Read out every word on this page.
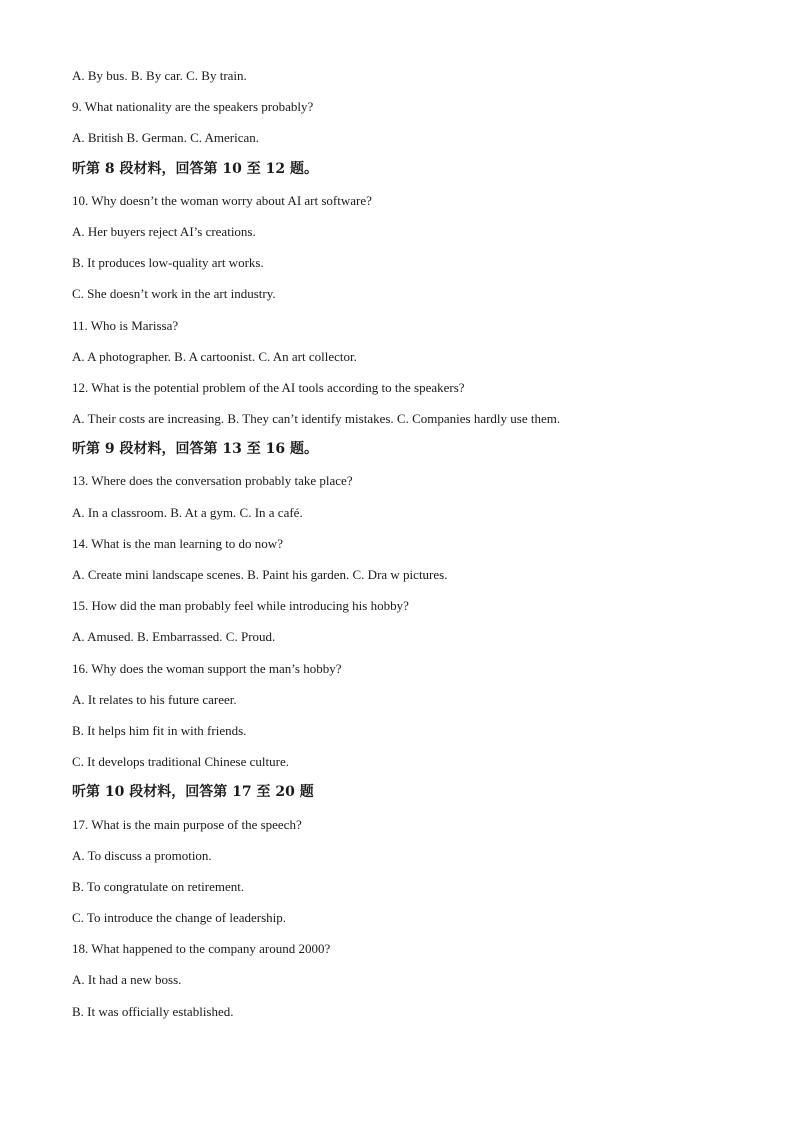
A. By bus. B. By car. C. By train.
9. What nationality are the speakers probably?
A. British B. German. C. American.
听第 8 段材料，回答第 10 至 12 题。
10. Why doesn’t the woman worry about AI art software?
A. Her buyers reject AI’s creations.
B. It produces low-quality art works.
C. She doesn’t work in the art industry.
11. Who is Marissa?
A. A photographer. B. A cartoonist. C. An art collector.
12. What is the potential problem of the AI tools according to the speakers?
A. Their costs are increasing. B. They can’t identify mistakes. C. Companies hardly use them.
听第 9 段材料，回答第 13 至 16 题。
13. Where does the conversation probably take place?
A. In a classroom. B. At a gym. C. In a café.
14. What is the man learning to do now?
A. Create mini landscape scenes. B. Paint his garden. C. Dra w pictures.
15. How did the man probably feel while introducing his hobby?
A. Amused. B. Embarrassed. C. Proud.
16. Why does the woman support the man’s hobby?
A. It relates to his future career.
B. It helps him fit in with friends.
C. It develops traditional Chinese culture.
听第 10 段材料，回答第 17 至 20 题
17. What is the main purpose of the speech?
A. To discuss a promotion.
B. To congratulate on retirement.
C. To introduce the change of leadership.
18. What happened to the company around 2000?
A. It had a new boss.
B. It was officially established.
